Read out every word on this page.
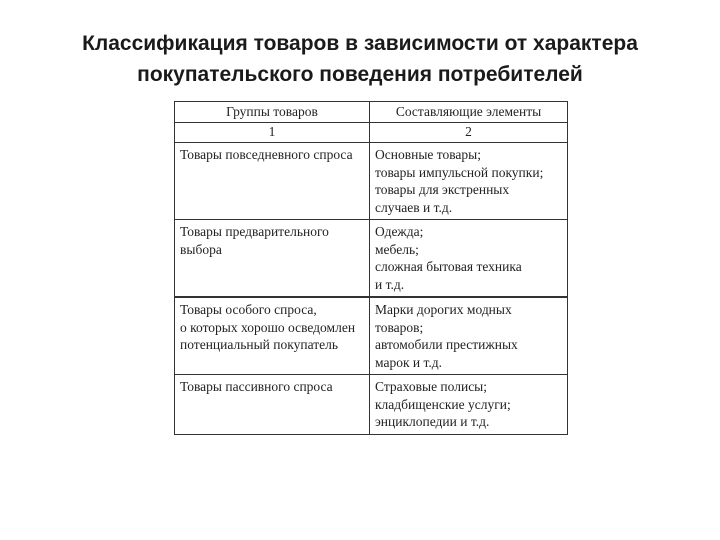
Классификация товаров в зависимости от характера
покупательского поведения потребителей
Группы товаров	Составляющие элементы
1	2

Товары повседневного спроса	Основные товары;
товары импульсной покупки;
товары для экстренных
случаев и т.д.

Товары предварительного
выбора	Одежда;
мебель;
сложная бытовая техника
и т.д.

Товары особого спроса,
о которых хорошо осведомлен
потенциальный покупатель	Марки дорогих модных
товаров;
автомобили престижных
марок и т.д.

Товары пассивного спроса	Страховые полисы;
кладбищенские услуги;
энциклопедии и т.д.
